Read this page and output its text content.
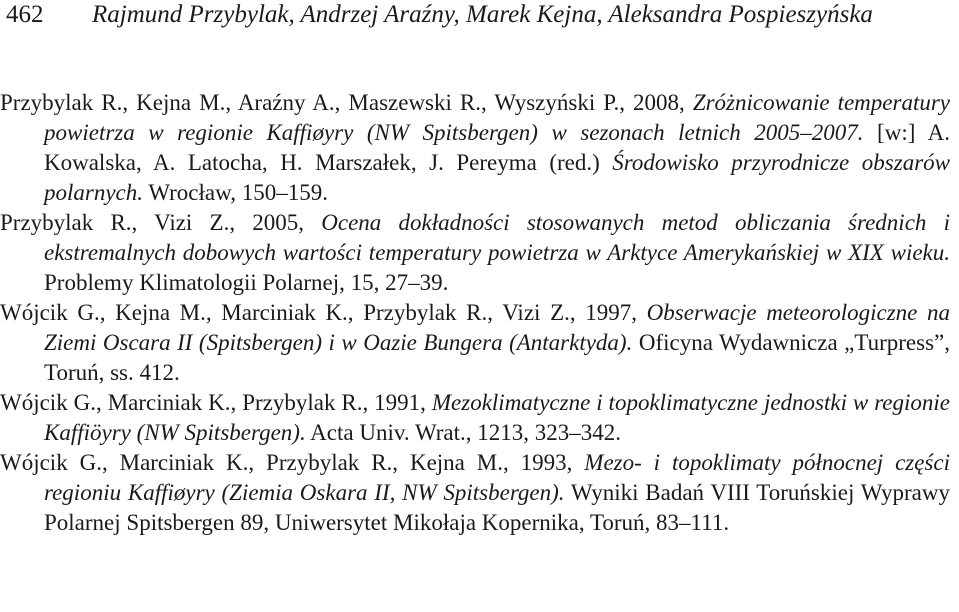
462 Rajmund Przybylak, Andrzej Araźny, Marek Kejna, Aleksandra Pospieszyńska

Przybylak R., Kejna M., Araźny A., Maszewski R., Wyszyński P., 2008, Zróżnicowanie temperatury powietrza w regionie Kaffiøyry (NW Spitsbergen) w sezonach letnich 2005–2007. [w:] A. Kowalska, A. Latocha, H. Marszałek, J. Pereyma (red.) Środowisko przyrodnicze obszarów polarnych. Wrocław, 150–159.

Przybylak R., Vizi Z., 2005, Ocena dokładności stosowanych metod obliczania średnich i ekstremalnych dobowych wartości temperatury powietrza w Arktyce Amerykańskiej w XIX wieku. Problemy Klimatologii Polarnej, 15, 27–39.

Wójcik G., Kejna M., Marciniak K., Przybylak R., Vizi Z., 1997, Obserwacje meteorologiczne na Ziemi Oscara II (Spitsbergen) i w Oazie Bungera (Antarktyda). Oficyna Wydawnicza „Turpress”, Toruń, ss. 412.

Wójcik G., Marciniak K., Przybylak R., 1991, Mezoklimatyczne i topoklimatyczne jednostki w regionie Kaffiöyry (NW Spitsbergen). Acta Univ. Wrat., 1213, 323–342.

Wójcik G., Marciniak K., Przybylak R., Kejna M., 1993, Mezo- i topoklimaty północnej części regioniu Kaffiøyry (Ziemia Oskara II, NW Spitsbergen). Wyniki Badań VIII Toruńskiej Wyprawy Polarnej Spitsbergen 89, Uniwersytet Mikołaja Kopernika, Toruń, 83–111.
